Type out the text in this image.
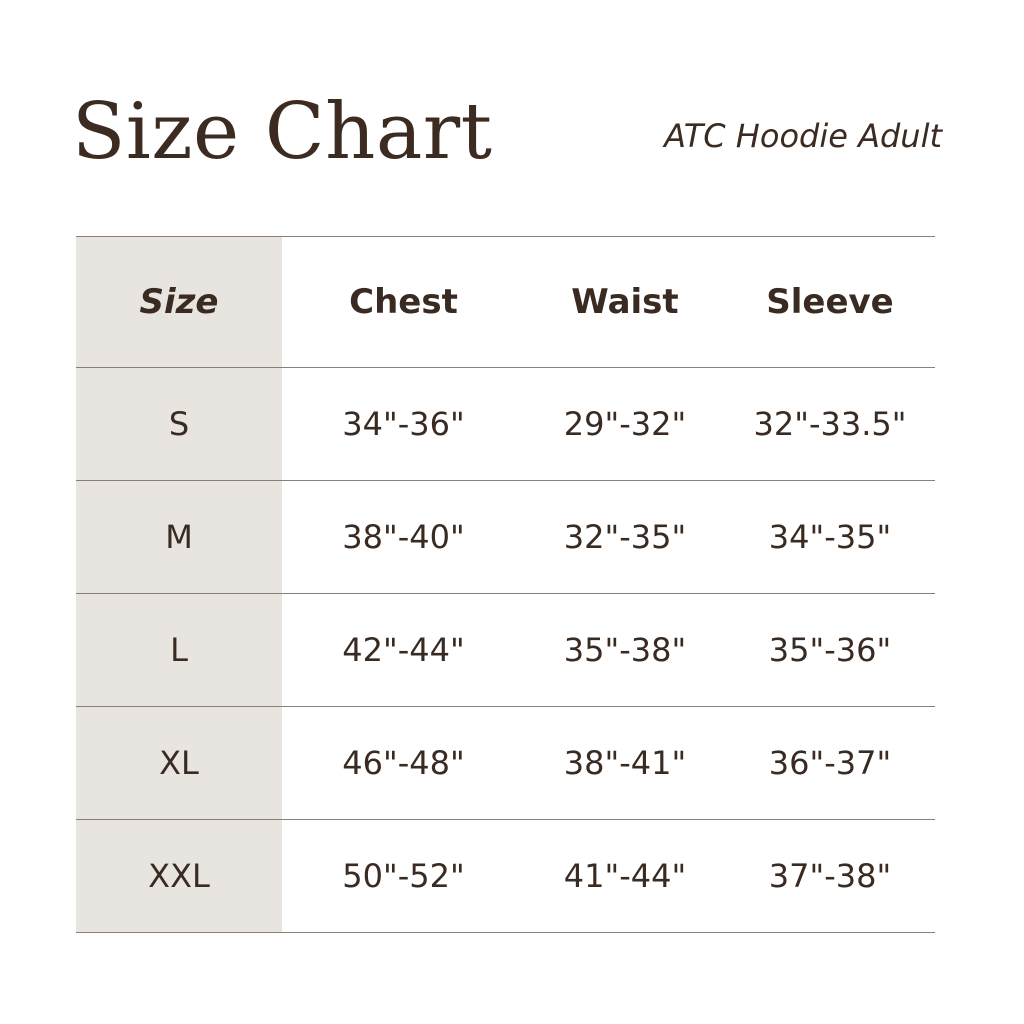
Size Chart	ATC Hoodie Adult

Size	Chest	Waist	Sleeve
S	34"-36"	29"-32"	32"-33.5"
M	38"-40"	32"-35"	34"-35"
L	42"-44"	35"-38"	35"-36"
XL	46"-48"	38"-41"	36"-37"
XXL	50"-52"	41"-44"	37"-38"
